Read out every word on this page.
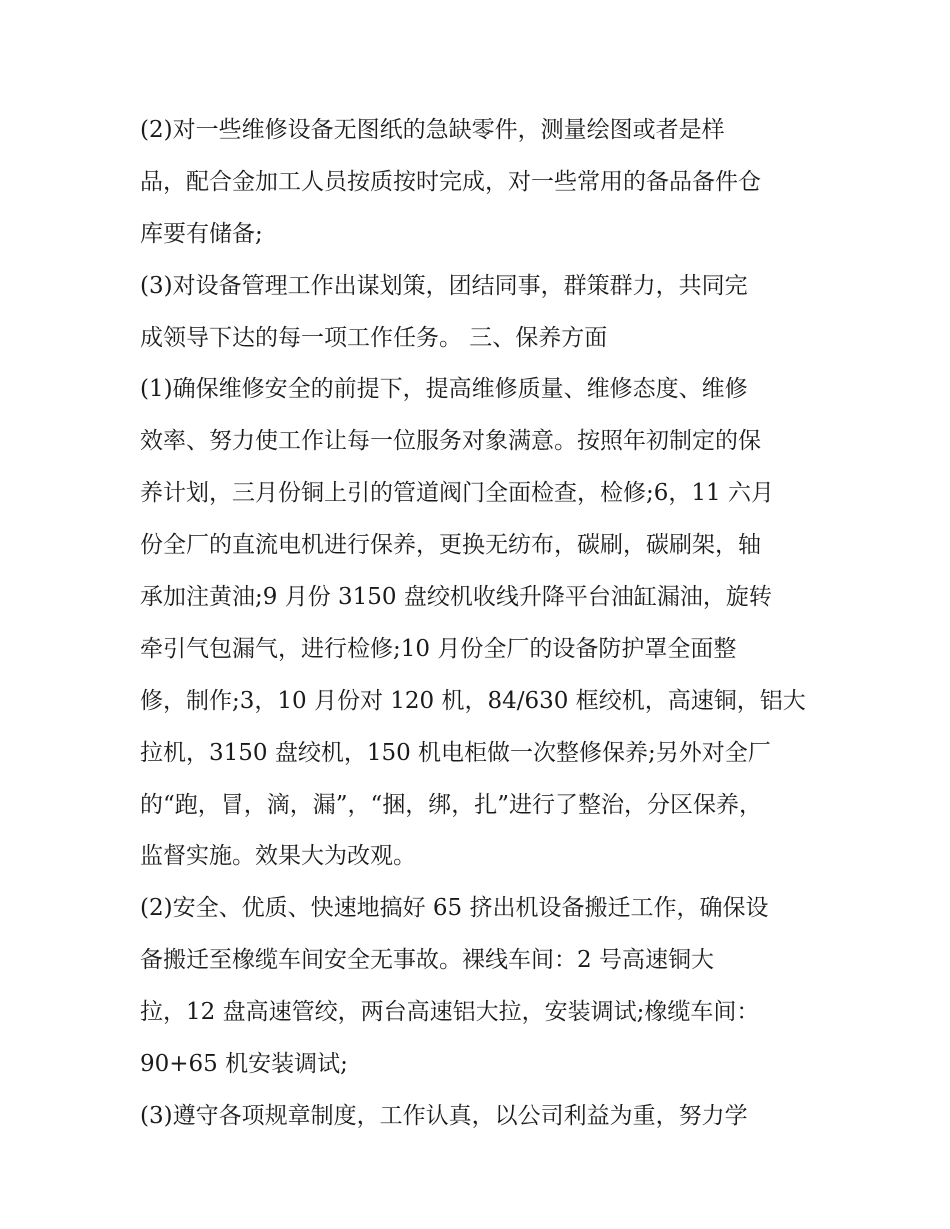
(2)对一些维修设备无图纸的急缺零件，测量绘图或者是样
品，配合金加工人员按质按时完成，对一些常用的备品备件仓
库要有储备;
(3)对设备管理工作出谋划策，团结同事，群策群力，共同完
成领导下达的每一项工作任务。 三、保养方面
(1)确保维修安全的前提下，提高维修质量、维修态度、维修
效率、努力使工作让每一位服务对象满意。按照年初制定的保
养计划，三月份铜上引的管道阀门全面检查，检修;6，11 六月
份全厂的直流电机进行保养，更换无纺布，碳刷，碳刷架，轴
承加注黄油;9 月份 3150 盘绞机收线升降平台油缸漏油，旋转
牵引气包漏气，进行检修;10 月份全厂的设备防护罩全面整
修，制作;3，10 月份对 120 机，84/630 框绞机，高速铜，铝大
拉机，3150 盘绞机，150 机电柜做一次整修保养;另外对全厂
的“跑，冒，滴，漏”，“捆，绑，扎”进行了整治，分区保养，
监督实施。效果大为改观。
(2)安全、优质、快速地搞好 65 挤出机设备搬迁工作，确保设
备搬迁至橡缆车间安全无事故。裸线车间：2 号高速铜大
拉，12 盘高速管绞，两台高速铝大拉，安装调试;橡缆车间：
90+65 机安装调试;
(3)遵守各项规章制度，工作认真，以公司利益为重，努力学
